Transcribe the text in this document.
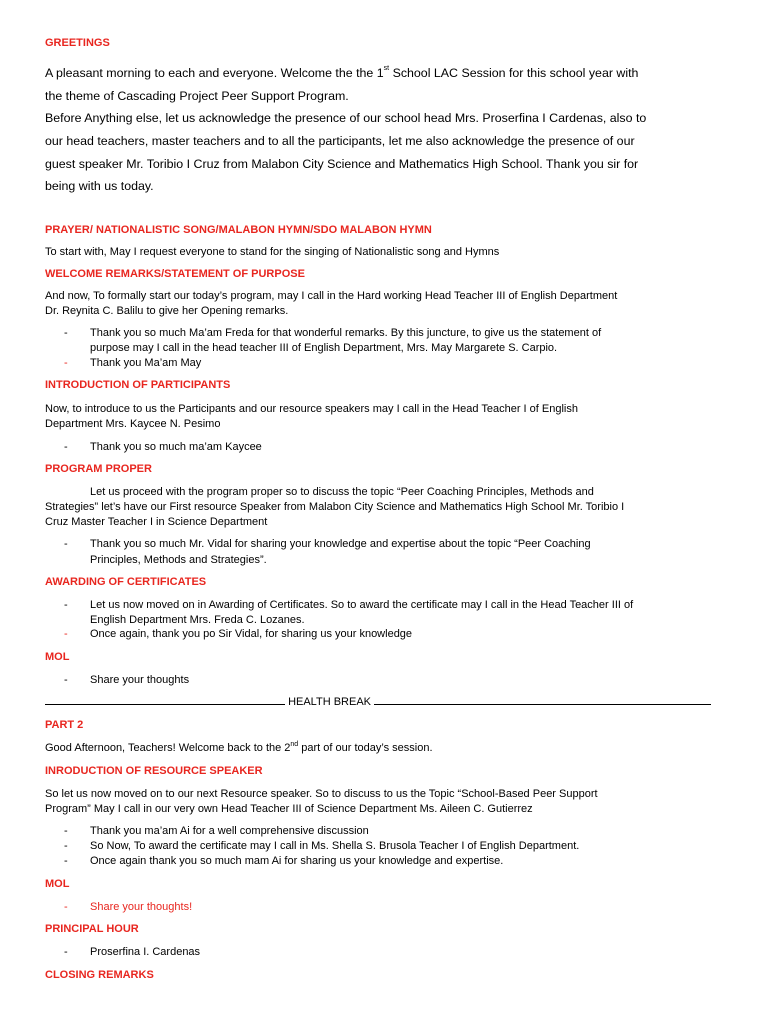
GREETINGS
A pleasant morning to each and everyone. Welcome the the 1st School LAC Session for this school year with
the theme of Cascading Project Peer Support Program.
Before Anything else, let us acknowledge the presence of our school head Mrs. Proserfina I Cardenas, also to
our head teachers, master teachers and to all the participants, let me also acknowledge the presence of our
guest speaker Mr. Toribio I Cruz from Malabon City Science and Mathematics High School. Thank you sir for
being with us today.
PRAYER/ NATIONALISTIC SONG/MALABON HYMN/SDO MALABON HYMN
To start with, May I request everyone to stand for the singing of Nationalistic song and Hymns
WELCOME REMARKS/STATEMENT OF PURPOSE
And now, To formally start our today’s program, may I call in the Hard working Head Teacher III of English Department
Dr. Reynita C. Balilu to give her Opening remarks.
- Thank you so much Ma’am Freda for that wonderful remarks. By this juncture, to give us the statement of
purpose may I call in the head teacher III of English Department, Mrs. May Margarete S. Carpio.
- Thank you Ma’am May
INTRODUCTION OF PARTICIPANTS
Now, to introduce to us the Participants and our resource speakers may I call in the Head Teacher I of English
Department Mrs. Kaycee N. Pesimo
- Thank you so much ma’am Kaycee
PROGRAM PROPER
Let us proceed with the program proper so to discuss the topic “Peer Coaching Principles, Methods and
Strategies” let’s have our First resource Speaker from Malabon City Science and Mathematics High School Mr. Toribio I
Cruz Master Teacher I in Science Department
- Thank you so much Mr. Vidal for sharing your knowledge and expertise about the topic “Peer Coaching
Principles, Methods and Strategies”.
AWARDING OF CERTIFICATES
- Let us now moved on in Awarding of Certificates. So to award the certificate may I call in the Head Teacher III of
English Department Mrs. Freda C. Lozanes.
- Once again, thank you po Sir Vidal, for sharing us your knowledge
MOL
- Share your thoughts
HEALTH BREAK
PART 2
Good Afternoon, Teachers! Welcome back to the 2nd part of our today’s session.
INRODUCTION OF RESOURCE SPEAKER
So let us now moved on to our next Resource speaker. So to discuss to us the Topic “School-Based Peer Support
Program” May I call in our very own Head Teacher III of Science Department Ms. Aileen C. Gutierrez
- Thank you ma’am Ai for a well comprehensive discussion
- So Now, To award the certificate may I call in Ms. Shella S. Brusola Teacher I of English Department.
- Once again thank you so much mam Ai for sharing us your knowledge and expertise.
MOL
- Share your thoughts!
PRINCIPAL HOUR
- Proserfina I. Cardenas
CLOSING REMARKS
